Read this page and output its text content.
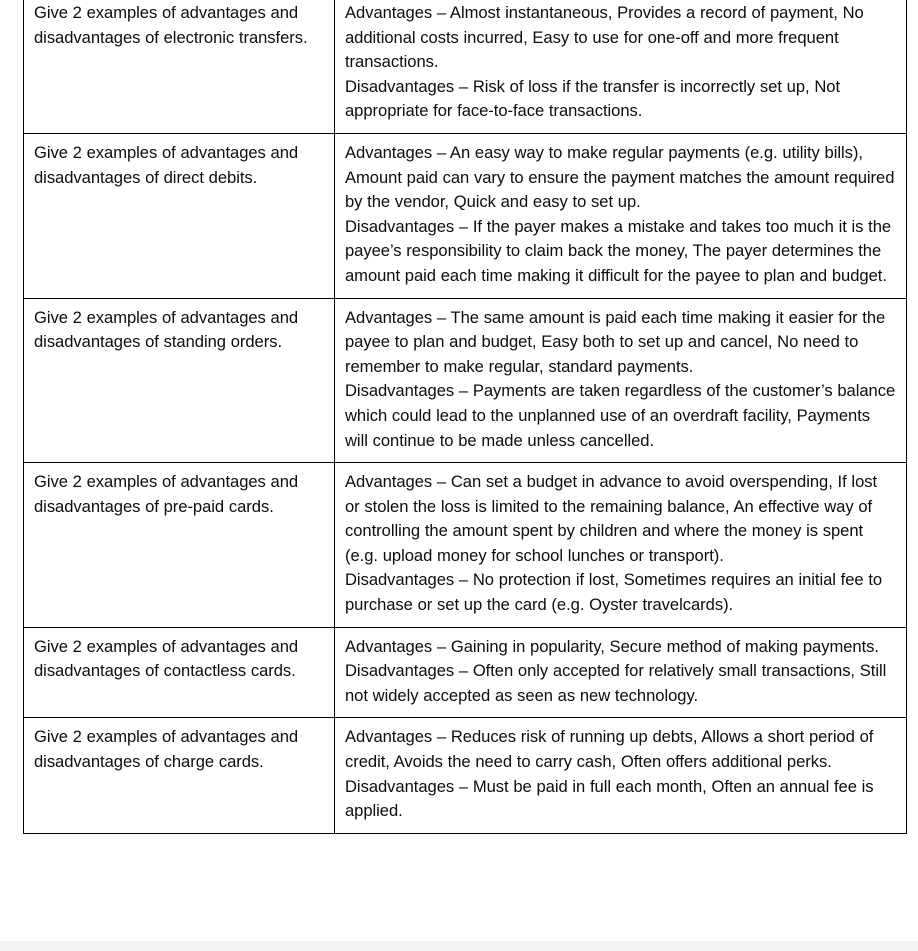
Give 2 examples of advantages and disadvantages of electronic transfers.	Advantages – Almost instantaneous, Provides a record of payment, No additional costs incurred, Easy to use for one-off and more frequent transactions.
Disadvantages – Risk of loss if the transfer is incorrectly set up, Not appropriate for face-to-face transactions.

Give 2 examples of advantages and disadvantages of direct debits.	Advantages – An easy way to make regular payments (e.g. utility bills), Amount paid can vary to ensure the payment matches the amount required by the vendor, Quick and easy to set up.
Disadvantages – If the payer makes a mistake and takes too much it is the payee’s responsibility to claim back the money, The payer determines the amount paid each time making it difficult for the payee to plan and budget.

Give 2 examples of advantages and disadvantages of standing orders.	Advantages – The same amount is paid each time making it easier for the payee to plan and budget, Easy both to set up and cancel, No need to remember to make regular, standard payments.
Disadvantages – Payments are taken regardless of the customer’s balance which could lead to the unplanned use of an overdraft facility, Payments will continue to be made unless cancelled.

Give 2 examples of advantages and disadvantages of pre-paid cards.	Advantages – Can set a budget in advance to avoid overspending, If lost or stolen the loss is limited to the remaining balance, An effective way of controlling the amount spent by children and where the money is spent (e.g. upload money for school lunches or transport).
Disadvantages – No protection if lost, Sometimes requires an initial fee to purchase or set up the card (e.g. Oyster travelcards).

Give 2 examples of advantages and disadvantages of contactless cards.	Advantages – Gaining in popularity, Secure method of making payments.
Disadvantages – Often only accepted for relatively small transactions, Still not widely accepted as seen as new technology.

Give 2 examples of advantages and disadvantages of charge cards.	Advantages – Reduces risk of running up debts, Allows a short period of credit, Avoids the need to carry cash, Often offers additional perks.
Disadvantages – Must be paid in full each month, Often an annual fee is applied.
